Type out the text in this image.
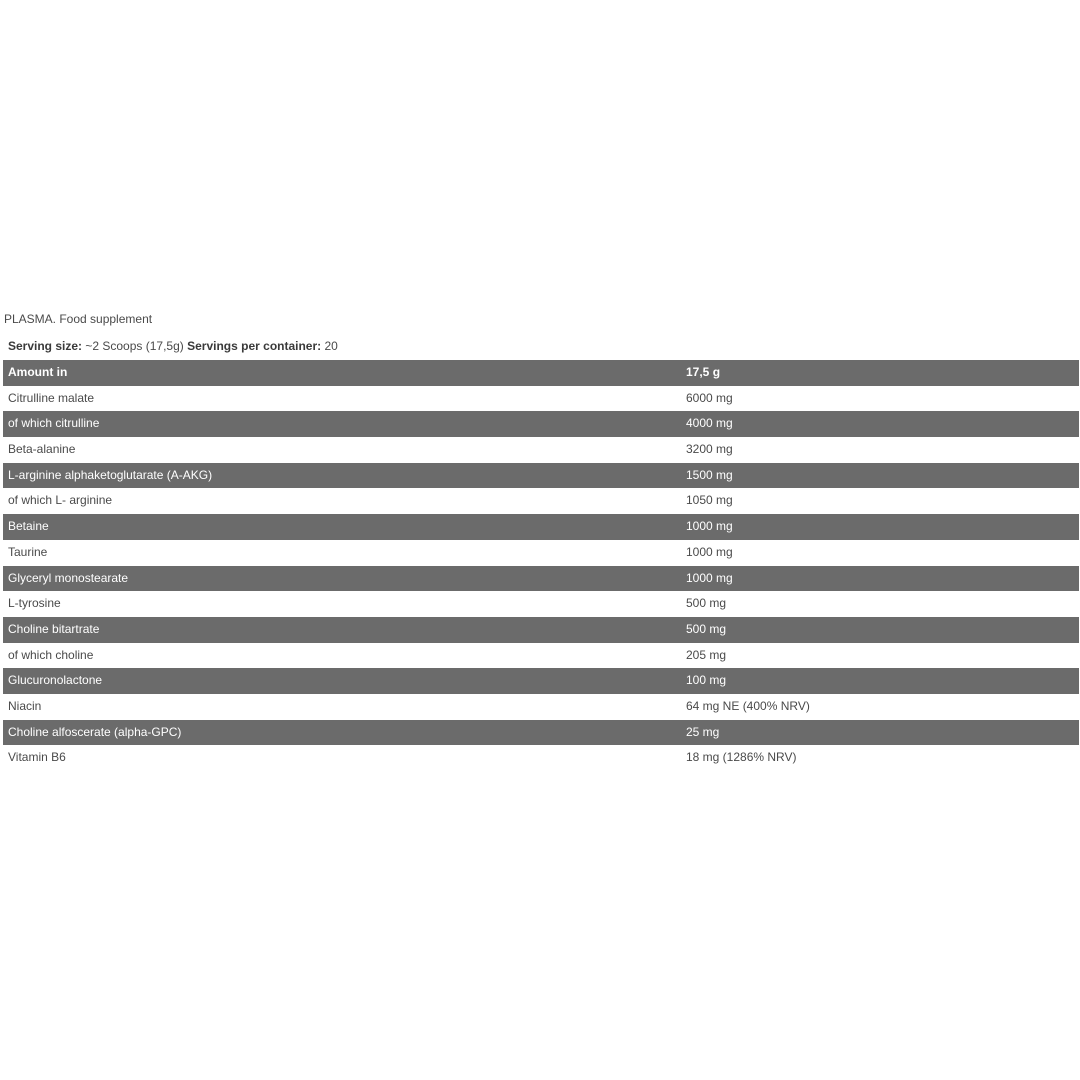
PLASMA. Food supplement
Serving size: ~2 Scoops (17,5g) Servings per container: 20
Amount in	17,5 g
Citrulline malate	6000 mg
of which citrulline	4000 mg
Beta-alanine	3200 mg
L-arginine alphaketoglutarate (A-AKG)	1500 mg
of which L- arginine	1050 mg
Betaine	1000 mg
Taurine	1000 mg
Glyceryl monostearate	1000 mg
L-tyrosine	500 mg
Choline bitartrate	500 mg
of which choline	205 mg
Glucuronolactone	100 mg
Niacin	64 mg NE (400% NRV)
Choline alfoscerate (alpha-GPC)	25 mg
Vitamin B6	18 mg (1286% NRV)
